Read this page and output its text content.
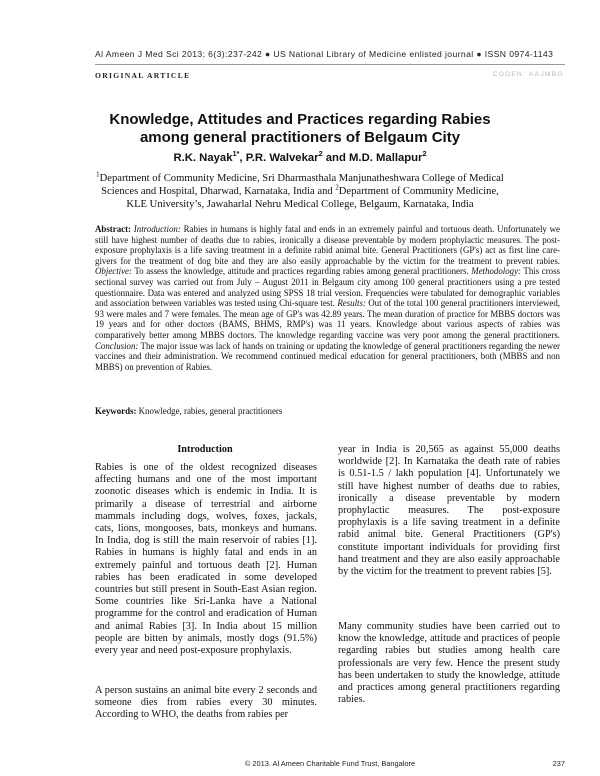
Al Ameen J Med Sci 2013; 6(3):237-242 ● US National Library of Medicine enlisted journal ● ISSN 0974-1143
ORIGINAL ARTICLE	CODEN: AAJMBG
Knowledge, Attitudes and Practices regarding Rabies among general practitioners of Belgaum City
R.K. Nayak$^{1*}$, P.R. Walvekar$^2$ and M.D. Mallapur$^2$
$^1$Department of Community Medicine, Sri Dharmasthala Manjunatheshwara College of Medical Sciences and Hospital, Dharwad, Karnataka, India and $^2$Department of Community Medicine, KLE University’s, Jawaharlal Nehru Medical College, Belgaum, Karnataka, India
Abstract: Introduction: Rabies in humans is highly fatal and ends in an extremely painful and tortuous death. Unfortunately we still have highest number of deaths due to rabies, ironically a disease preventable by modern prophylactic measures. The post-exposure prophylaxis is a life saving treatment in a definite rabid animal bite. General Practitioners (GP's) act as first line care-givers for the treatment of dog bite and they are also easily approachable by the victim for the treatment to prevent rabies. Objective: To assess the knowledge, attitude and practices regarding rabies among general practitioners. Methodology: This cross sectional survey was carried out from July – August 2011 in Belgaum city among 100 general practitioners using a pre tested questionnaire. Data was entered and analyzed using SPSS 18 trial version. Frequencies were tabulated for demographic variables and association between variables was tested using Chi-square test. Results: Out of the total 100 general practitioners interviewed, 93 were males and 7 were females. The mean age of GP's was 42.89 years. The mean duration of practice for MBBS doctors was 19 years and for other doctors (BAMS, BHMS, RMP's) was 11 years. Knowledge about various aspects of rabies was comparatively better among MBBS doctors. The knowledge regarding vaccine was very poor among the general practitioners. Conclusion: The major issue was lack of hands on training or updating the knowledge of general practitioners regarding the newer vaccines and their administration. We recommend continued medical education for general practitioners, both (MBBS and non MBBS) on prevention of Rabies.
Keywords: Knowledge, rabies, general practitioners
Introduction
Rabies is one of the oldest recognized diseases affecting humans and one of the most important zoonotic diseases which is endemic in India. It is primarily a disease of terrestrial and airborne mammals including dogs, wolves, foxes, jackals, cats, lions, mongooses, bats, monkeys and humans. In India, dog is still the main reservoir of rabies [1]. Rabies in humans is highly fatal and ends in an extremely painful and tortuous death [2]. Human rabies has been eradicated in some developed countries but still present in South-East Asian region. Some countries like Sri-Lanka have a National programme for the control and eradication of Human and animal Rabies [3]. In India about 15 million people are bitten by animals, mostly dogs (91.5%) every year and need post-exposure prophylaxis.
A person sustains an animal bite every 2 seconds and someone dies from rabies every 30 minutes. According to WHO, the deaths from rabies per
year in India is 20,565 as against 55,000 deaths worldwide [2]. In Karnataka the death rate of rabies is 0.51-1.5 / lakh population [4]. Unfortunately we still have highest number of deaths due to rabies, ironically a disease preventable by modern prophylactic measures. The post-exposure prophylaxis is a life saving treatment in a definite rabid animal bite. General Practitioners (GP's) constitute important individuals for providing first hand treatment and they are also easily approachable by the victim for the treatment to prevent rabies [5].
Many community studies have been carried out to know the knowledge, attitude and practices of people regarding rabies but studies among health care professionals are very few. Hence the present study has been undertaken to study the knowledge, attitude and practices among general practitioners regarding rabies.
© 2013. Al Ameen Charitable Fund Trust, Bangalore	237
